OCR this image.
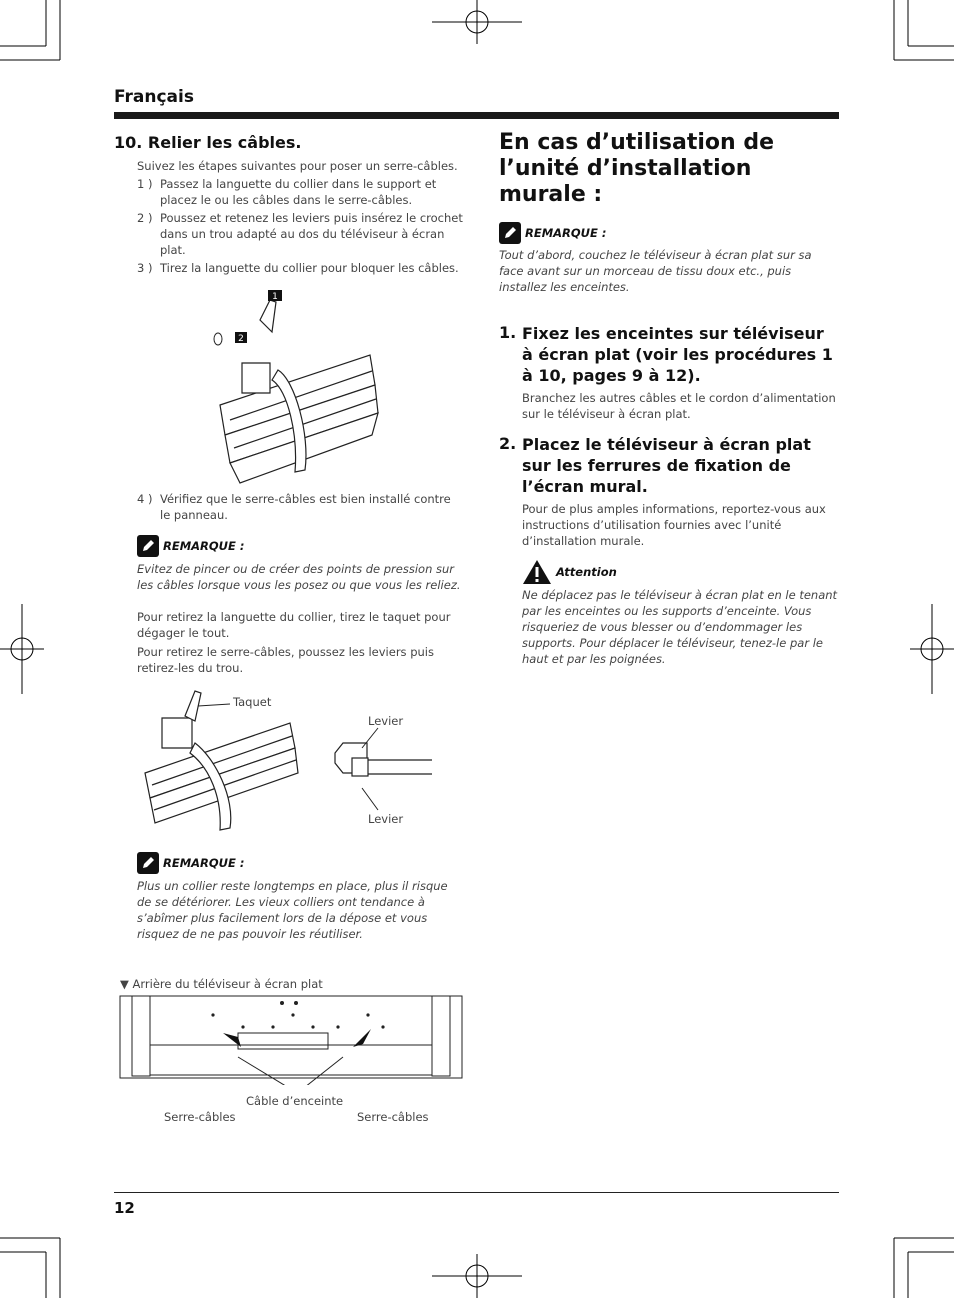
Français
10. Relier les câbles.

Suivez les étapes suivantes pour poser un serre-câbles.

1 ) Passez la languette du collier dans le support et placez le ou les câbles dans le serre-câbles.
2 ) Poussez et retenez les leviers puis insérez le crochet dans un trou adapté au dos du téléviseur à écran plat.
3 ) Tirez la languette du collier pour bloquer les câbles.
1
2
4 ) Vérifiez que le serre-câbles est bien installé contre le panneau.
REMARQUE :

Evitez de pincer ou de créer des points de pression sur les câbles lorsque vous les posez ou que vous les reliez.

Pour retirez la languette du collier, tirez le taquet pour dégager le tout.

Pour retirez le serre-câbles, poussez les leviers puis retirez-les du trou.

Taquet
Levier
Levier
REMARQUE :

Plus un collier reste longtemps en place, plus il risque de se détériorer. Les vieux colliers ont tendance à s’abîmer plus facilement lors de la dépose et vous risquez de ne pas pouvoir les réutiliser.

▼ Arrière du téléviseur à écran plat
Câble d’enceinte
Serre-câbles	Serre-câbles
En cas d’utilisation de l’unité d’installation murale :
REMARQUE :

Tout d’abord, couchez le téléviseur à écran plat sur sa face avant sur un morceau de tissu doux etc., puis installez les enceintes.

1. Fixez les enceintes sur téléviseur à écran plat (voir les procédures 1 à 10, pages 9 à 12).

Branchez les autres câbles et le cordon d’alimentation sur le téléviseur à écran plat.

2. Placez le téléviseur à écran plat sur les ferrures de fixation de l’écran mural.

Pour de plus amples informations, reportez-vous aux instructions d’utilisation fournies avec l’unité d’installation murale.

Attention

Ne déplacez pas le téléviseur à écran plat en le tenant par les enceintes ou les supports d’enceinte. Vous risqueriez de vous blesser ou d’endommager les supports. Pour déplacer le téléviseur, tenez-le par le haut et par les poignées.

12
